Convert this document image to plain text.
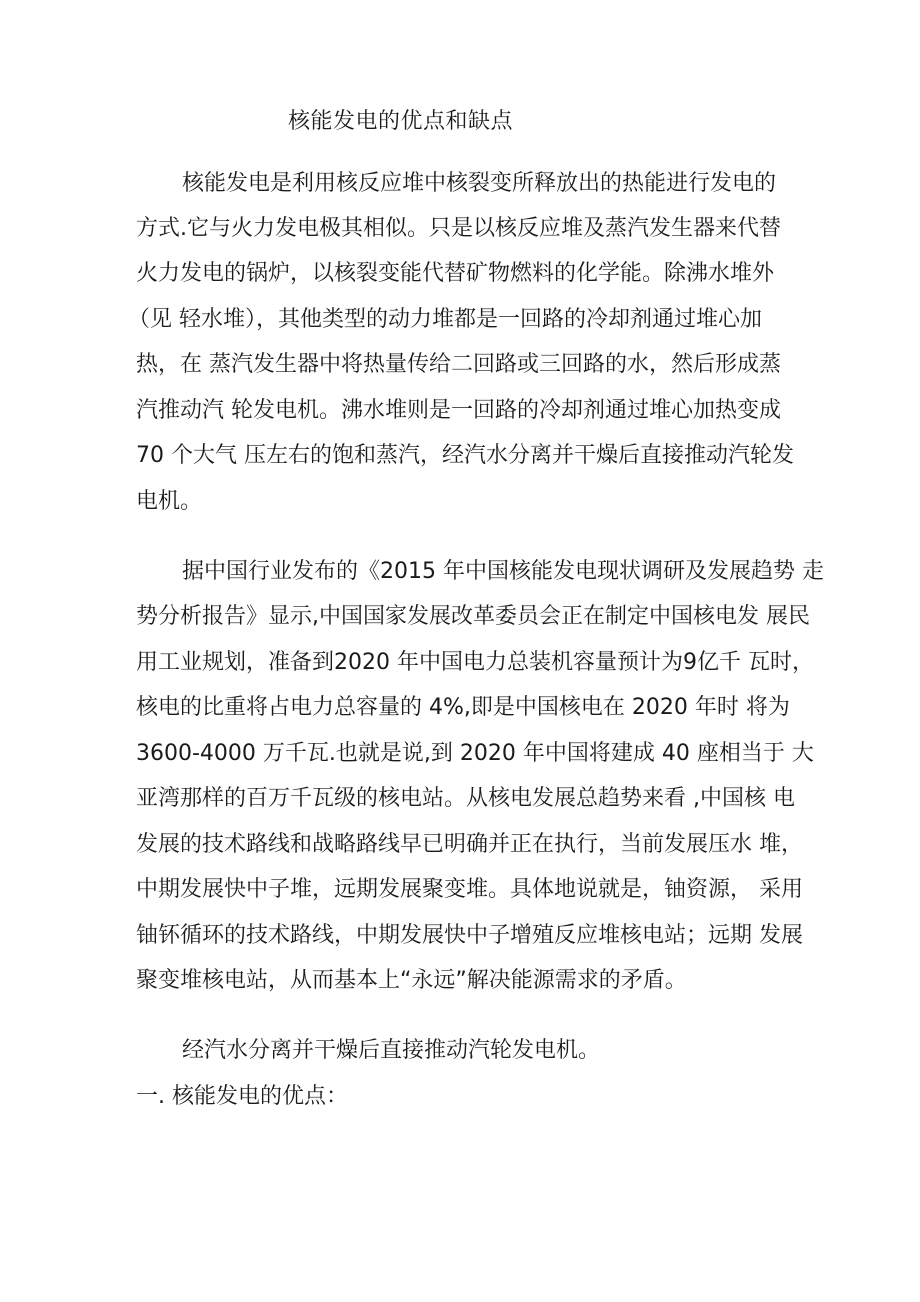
核能发电的优点和缺点

核能发电是利用核反应堆中核裂变所释放出的热能进行发电的

方式.它与火力发电极其相似。只是以核反应堆及蒸汽发生器来代替

火力发电的锅炉，以核裂变能代替矿物燃料的化学能。除沸水堆外

（见 轻水堆），其他类型的动力堆都是一回路的冷却剂通过堆心加

热，在 蒸汽发生器中将热量传给二回路或三回路的水，然后形成蒸

汽推动汽 轮发电机。沸水堆则是一回路的冷却剂通过堆心加热变成

70 个大气 压左右的饱和蒸汽，经汽水分离并干燥后直接推动汽轮发

电机。

据中国行业发布的《2015 年中国核能发电现状调研及发展趋势 走

势分析报告》显示,中国国家发展改革委员会正在制定中国核电发 展民

用工业规划，准备到2020 年中国电力总装机容量预计为9亿千 瓦时，

核电的比重将占电力总容量的 4%,即是中国核电在 2020 年时 将为

3600-4000 万千瓦.也就是说,到 2020 年中国将建成 40 座相当于 大

亚湾那样的百万千瓦级的核电站。从核电发展总趋势来看 ,中国核 电

发展的技术路线和战略路线早已明确并正在执行，当前发展压水 堆，

中期发展快中子堆，远期发展聚变堆。具体地说就是，铀资源， 采用

铀钚循环的技术路线，中期发展快中子增殖反应堆核电站；远期 发展

聚变堆核电站，从而基本上“永远”解决能源需求的矛盾。

经汽水分离并干燥后直接推动汽轮发电机。

一. 核能发电的优点：
